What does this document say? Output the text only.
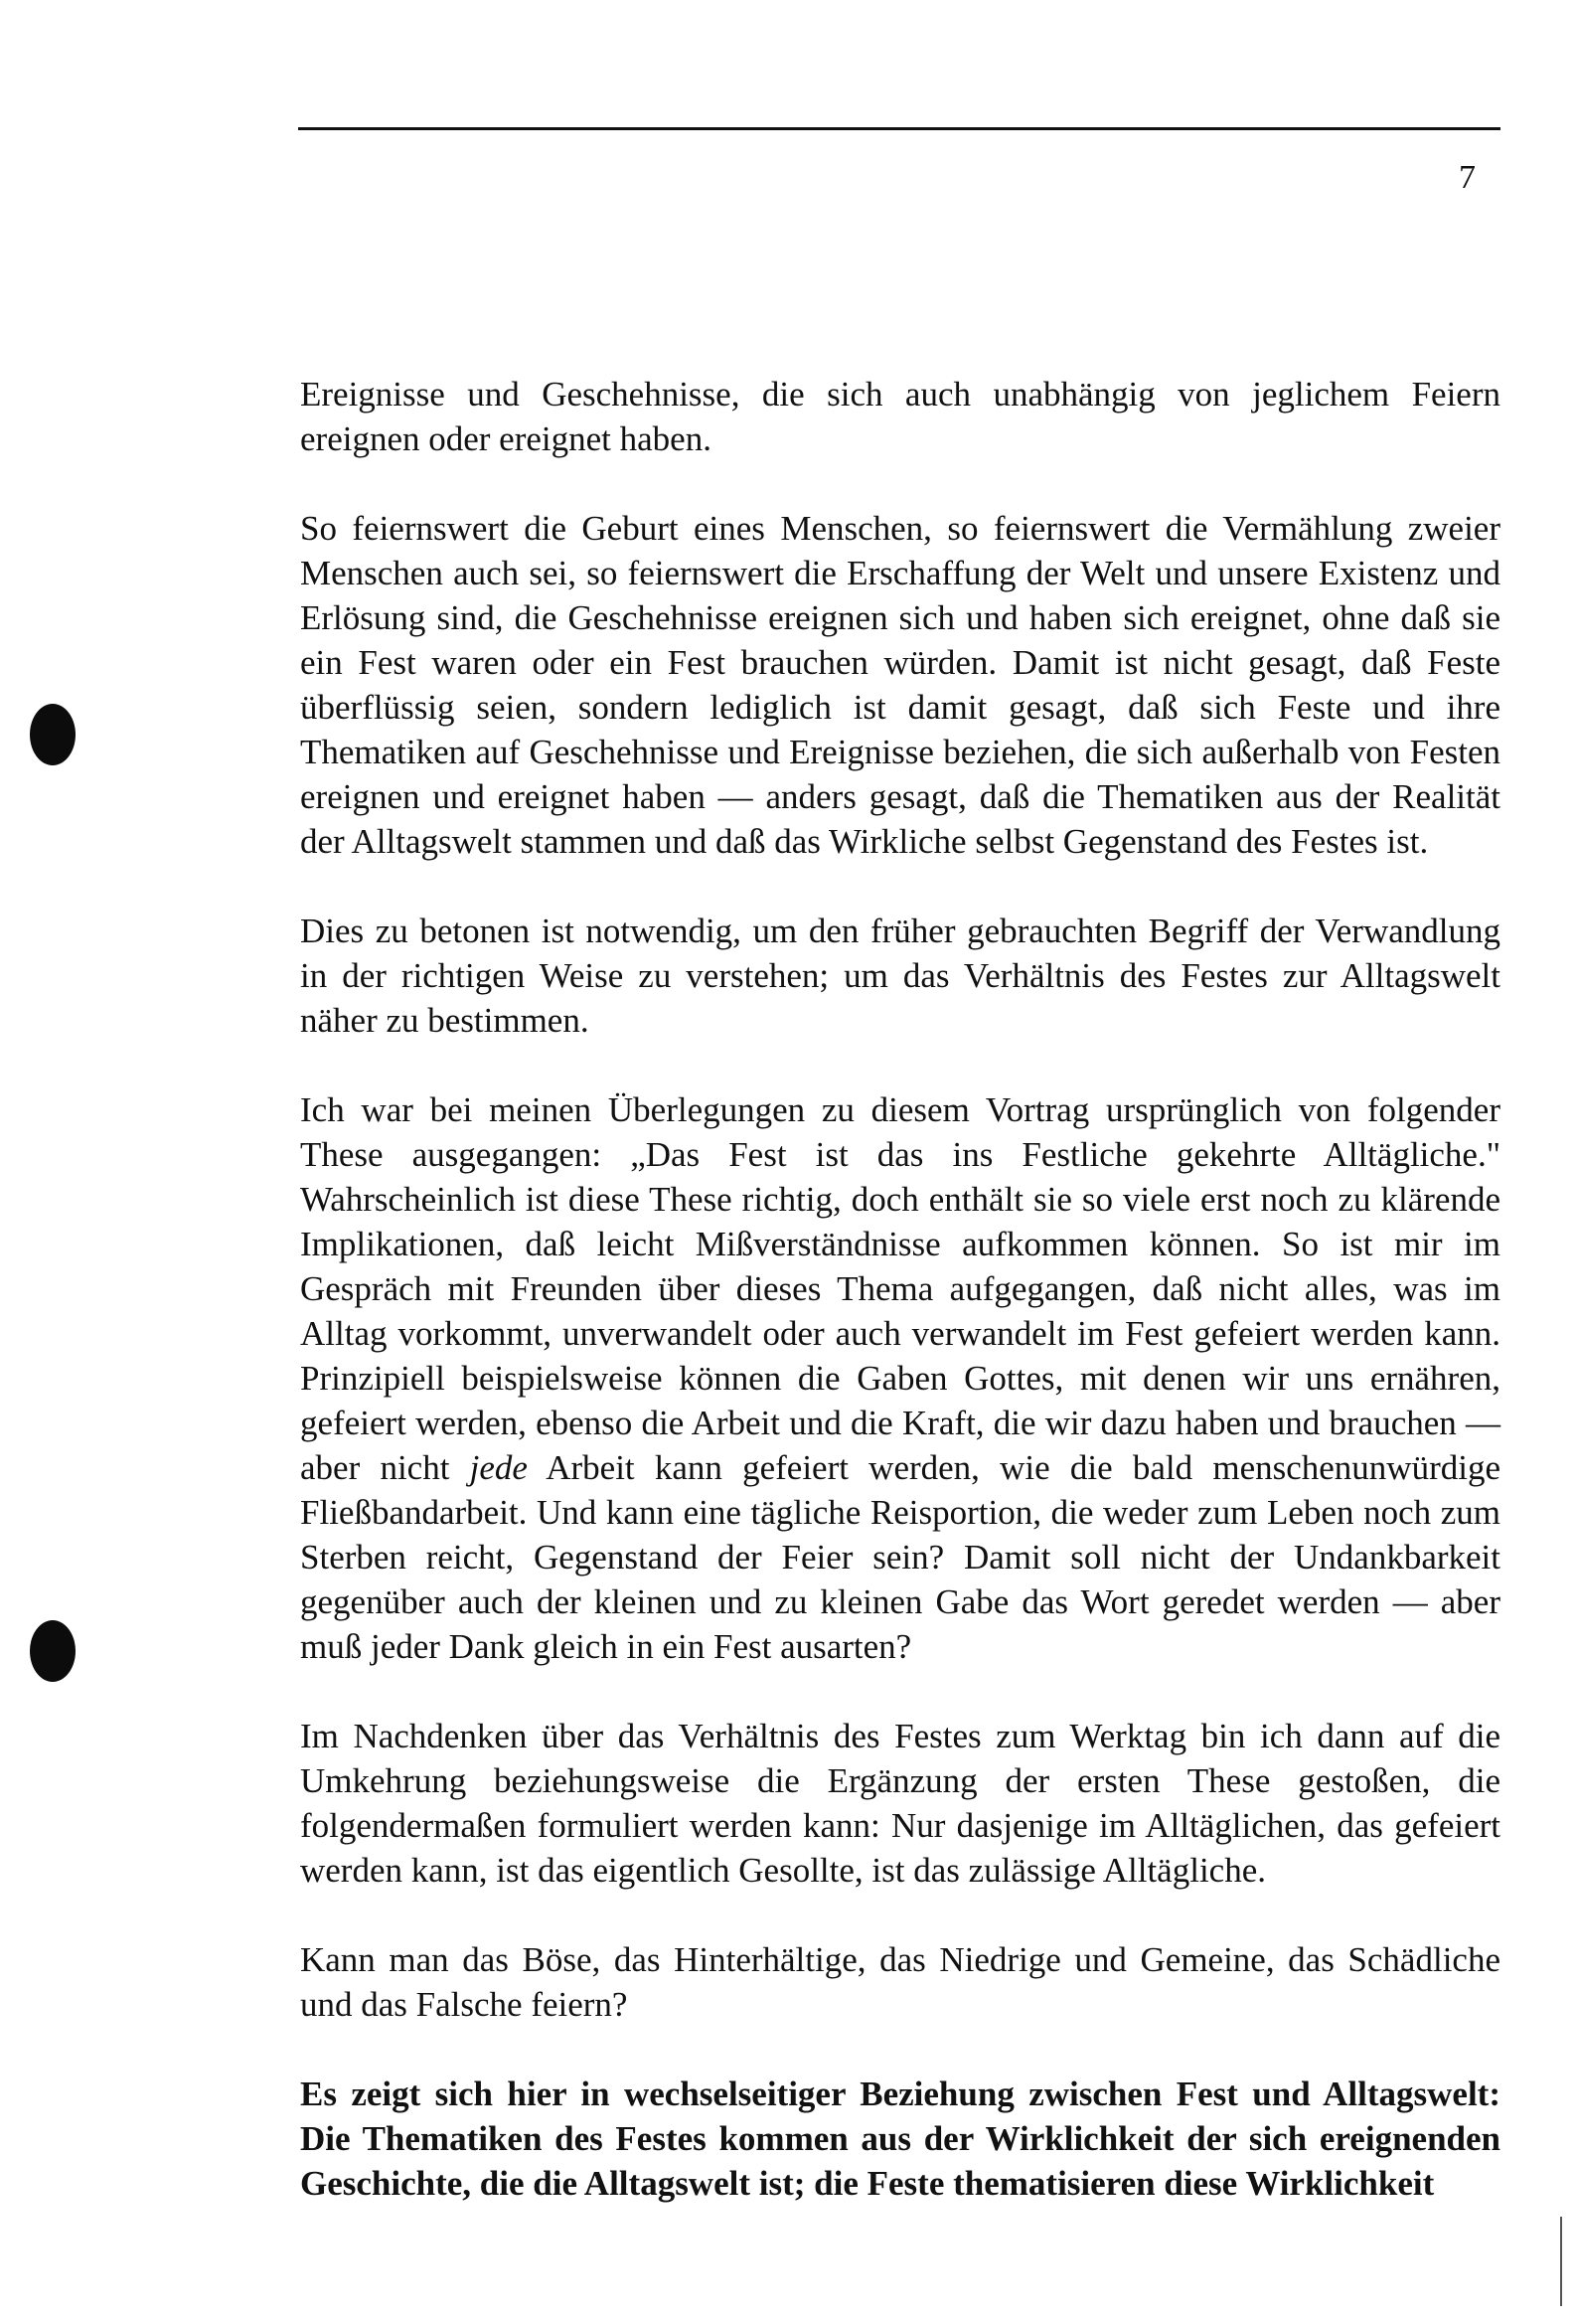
7

Ereignisse und Geschehnisse, die sich auch unabhängig von jeglichem Feiern ereignen oder ereignet haben.

So feiernswert die Geburt eines Menschen, so feiernswert die Vermählung zweier Menschen auch sei, so feiernswert die Erschaffung der Welt und unsere Existenz und Erlösung sind, die Geschehnisse ereignen sich und haben sich ereignet, ohne daß sie ein Fest waren oder ein Fest brauchen würden. Damit ist nicht gesagt, daß Feste überflüssig seien, sondern lediglich ist damit gesagt, daß sich Feste und ihre Thematiken auf Geschehnisse und Ereignisse beziehen, die sich außerhalb von Festen ereignen und ereignet haben — anders gesagt, daß die Thematiken aus der Realität der Alltagswelt stammen und daß das Wirkliche selbst Gegenstand des Festes ist.

Dies zu betonen ist notwendig, um den früher gebrauchten Begriff der Verwandlung in der richtigen Weise zu verstehen; um das Verhältnis des Festes zur Alltagswelt näher zu bestimmen.

Ich war bei meinen Überlegungen zu diesem Vortrag ursprünglich von folgender These ausgegangen: „Das Fest ist das ins Festliche gekehrte Alltägliche." Wahrscheinlich ist diese These richtig, doch enthält sie so viele erst noch zu klärende Implikationen, daß leicht Mißverständnisse aufkommen können. So ist mir im Gespräch mit Freunden über dieses Thema aufgegangen, daß nicht alles, was im Alltag vorkommt, unverwandelt oder auch verwandelt im Fest gefeiert werden kann. Prinzipiell beispielsweise können die Gaben Gottes, mit denen wir uns ernähren, gefeiert werden, ebenso die Arbeit und die Kraft, die wir dazu haben und brauchen — aber nicht jede Arbeit kann gefeiert werden, wie die bald menschenunwürdige Fließbandarbeit. Und kann eine tägliche Reisportion, die weder zum Leben noch zum Sterben reicht, Gegenstand der Feier sein? Damit soll nicht der Undankbarkeit gegenüber auch der kleinen und zu kleinen Gabe das Wort geredet werden — aber muß jeder Dank gleich in ein Fest ausarten?

Im Nachdenken über das Verhältnis des Festes zum Werktag bin ich dann auf die Umkehrung beziehungsweise die Ergänzung der ersten These gestoßen, die folgendermaßen formuliert werden kann: Nur dasjenige im Alltäglichen, das gefeiert werden kann, ist das eigentlich Gesollte, ist das zulässige Alltägliche.

Kann man das Böse, das Hinterhältige, das Niedrige und Gemeine, das Schädliche und das Falsche feiern?

Es zeigt sich hier in wechselseitiger Beziehung zwischen Fest und Alltagswelt: Die Thematiken des Festes kommen aus der Wirklichkeit der sich ereignenden Geschichte, die die Alltagswelt ist; die Feste thematisieren diese Wirklichkeit
